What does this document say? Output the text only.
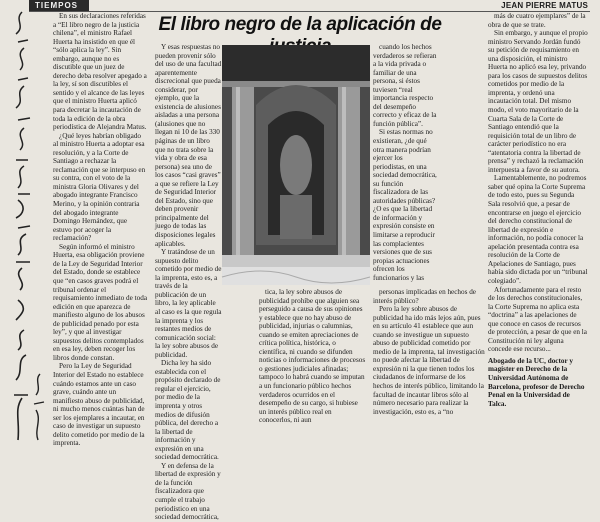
TIEMPOS	JEAN PIERRE MATUS
El libro negro de la aplicación de

En sus declaraciones referidas a “El libro negro de la justicia chilena”, el ministro Rafael Huerta ha insistido en que él “sólo aplica la ley”. Sin embargo, aunque no es discutible que un juez de derecho deba resolver apegado a la ley, sí son discutibles el sentido y el alcance de las leyes que el ministro Huerta aplicó para decretar la incautación de toda la edición de la obra periodística de Alejandra Matus.

¿Qué leyes habrían obligado al ministro Huerta a adoptar esa resolución, y a la Corte de Santiago a rechazar la reclamación que se interpuso en su contra, con el voto de la ministra Gloria Olivares y del abogado integrante Francisco Merino, y la opinión contraria del abogado integrante Domingo Hernández, que estuvo por acoger la reclamación?

Según informó el ministro Huerta, esa obligación proviene de la Ley de Seguridad Interior del Estado, donde se establece que “en casos graves podrá el tribunal ordenar el requisamiento inmediato de toda edición en que aparezca de manifiesto alguno de los abusos de publicidad penado por esta ley”, y que al investigar supuestos delitos contemplados en esa ley, deben recoger los libros donde constan.

Pero la Ley de Seguridad Interior del Estado no establece cuándo estamos ante un caso grave, cuándo ante un manifiesto abuso de publicidad, ni mucho menos cuántas han de ser los ejemplares a incautar, en caso de investigar un supuesto delito cometido por medio de la imprenta.

Y esas respuestas no pueden provenir sólo del uso de una facultad aparentemente discrecional que pueda considerar, por ejemplo, que la existencia de alusiones aisladas a una persona (alusiones que no llegan ni 10 de las 330 páginas de un libro que no trata sobre la vida y obra de esa persona) sea uno de los casos “casi graves” a que se refiere la Ley de Seguridad Interior del Estado, sino que deben provenir principalmente del juego de todas las disposiciones legales aplicables.

Y tratándose de un supuesto delito cometido por medio de la imprenta, esto es, a través de la publicación de un libro, la ley aplicable al caso es la que regula la imprenta y los restantes medios de comunicación social: la ley sobre abusos de publicidad.

Dicha ley ha sido establecida con el propósito declarado de regular el ejercicio, por medio de la imprenta y otros medios de difusión pública, del derecho a la libertad de información y expresión en una sociedad democrática.

Y en defensa de la libertad de expresión y de la función fiscalizadora que cumple el trabajo periodístico en una sociedad democrática,

tica, la ley sobre abusos de publicidad prohíbe que alguien sea perseguido a causa de sus opiniones y establece que no hay abuso de publicidad, injurias o calumnias, cuando se emiten apreciaciones de crítica política, histórica, o científica, ni cuando se difunden noticias o informaciones de procesos o gestiones judiciales afinadas; tampoco lo habrá cuando se imputan a un funcionario público hechos verdaderos ocurridos en el desempeño de su cargo, si hubiese un interés público real en conocerlos, ni aun

cuando los hechos verdaderos se refieran a la vida privada o familiar de una persona, si éstos tuviesen “real importancia respecto del desempeño correcto y eficaz de la función pública”.

Si estas normas no existieran, ¿de qué otra manera podrían ejercer los periodistas, en una sociedad democrática, su función fiscalizadora de las autoridades públicas? ¿O es que la libertad de información y expresión consiste en limitarse a reproducir las complacientes versiones que de sus propias actuaciones ofrecen los funcionarios y las

personas implicadas en hechos de interés público?

Pero la ley sobre abusos de publicidad ha ido más lejos aún, pues en su artículo 41 establece que aun cuando se investigue un supuesto abuso de publicidad cometido por medio de la imprenta, tal investigación no puede afectar la libertad de expresión ni la que tienen todos los ciudadanos de informarse de los hechos de interés público, limitando la facultad de incautar libros sólo al número necesario para realizar la investigación, esto es, a “no

más de cuatro ejemplares” de la obra de que se trate.

Sin embargo, y aunque el propio ministro Servando Jordán fundó su petición de requisamiento en una disposición, el ministro Huerta no aplicó esa ley, privando para los casos de supuestos delitos cometidos por medio de la imprenta, y ordenó una incautación total. Del mismo modo, el voto mayoritario de la Cuarta Sala de la Corte de Santiago entendió que la requisición total de un libro de carácter periodístico no era “atentatoria contra la libertad de prensa” y rechazó la reclamación interpuesta a favor de su autora.

Lamentablemente, no podremos saber qué opina la Corte Suprema de todo esto, pues su Segunda Sala resolvió que, a pesar de encontrarse en juego el ejercicio del derecho constitucional de libertad de expresión e información, no podía conocer la apelación presentada contra esa resolución de la Corte de Apelaciones de Santiago, pues había sido dictada por un “tribunal colegiado”.

Afortunadamente para el resto de los derechos constitucionales, la Corte Suprema no aplica esta “doctrina” a las apelaciones de que conoce en casos de recursos de protección, a pesar de que en la Constitución ni ley alguna concede ese recurso...

Abogado de la UC, doctor y magíster en Derecho de la Universidad Autónoma de Barcelona, profesor de Derecho Penal en la Universidad de Talca.
